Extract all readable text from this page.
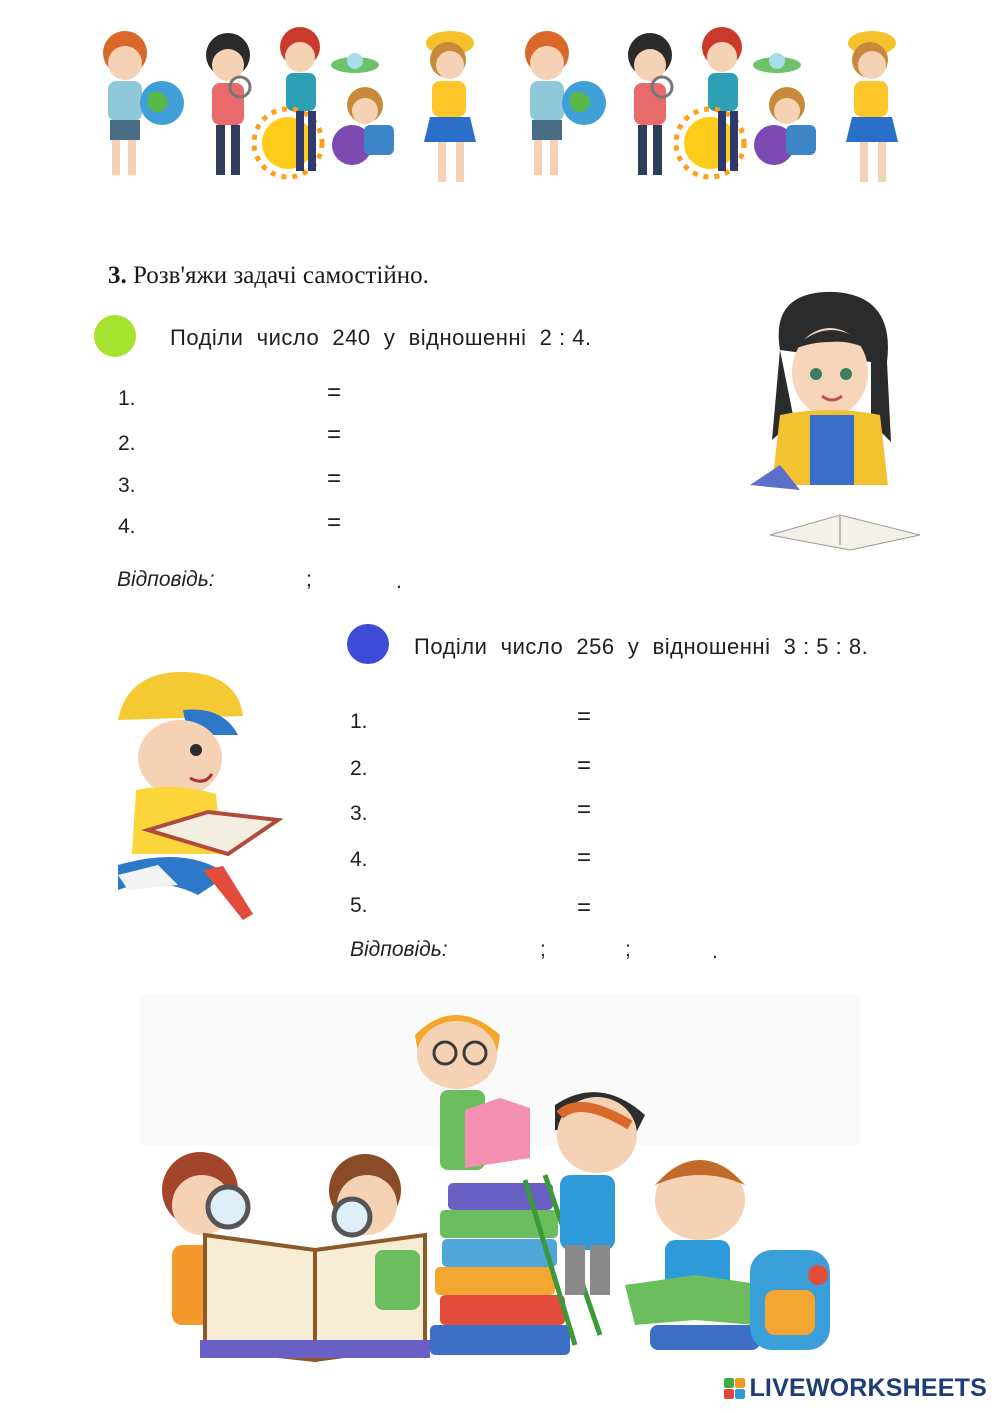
3. Розв'яжи задачі самостійно.
Поділи  число  240  у  відношенні  2 : 4.
1.	=
2.	=
3.	=
4.	=
Відповідь:	;	.
Поділи  число  256  у  відношенні  3 : 5 : 8.
1.	=
2.	=
3.	=
4.	=
5.	=
Відповідь:	;	;	.
LIVEWORKSHEETS
